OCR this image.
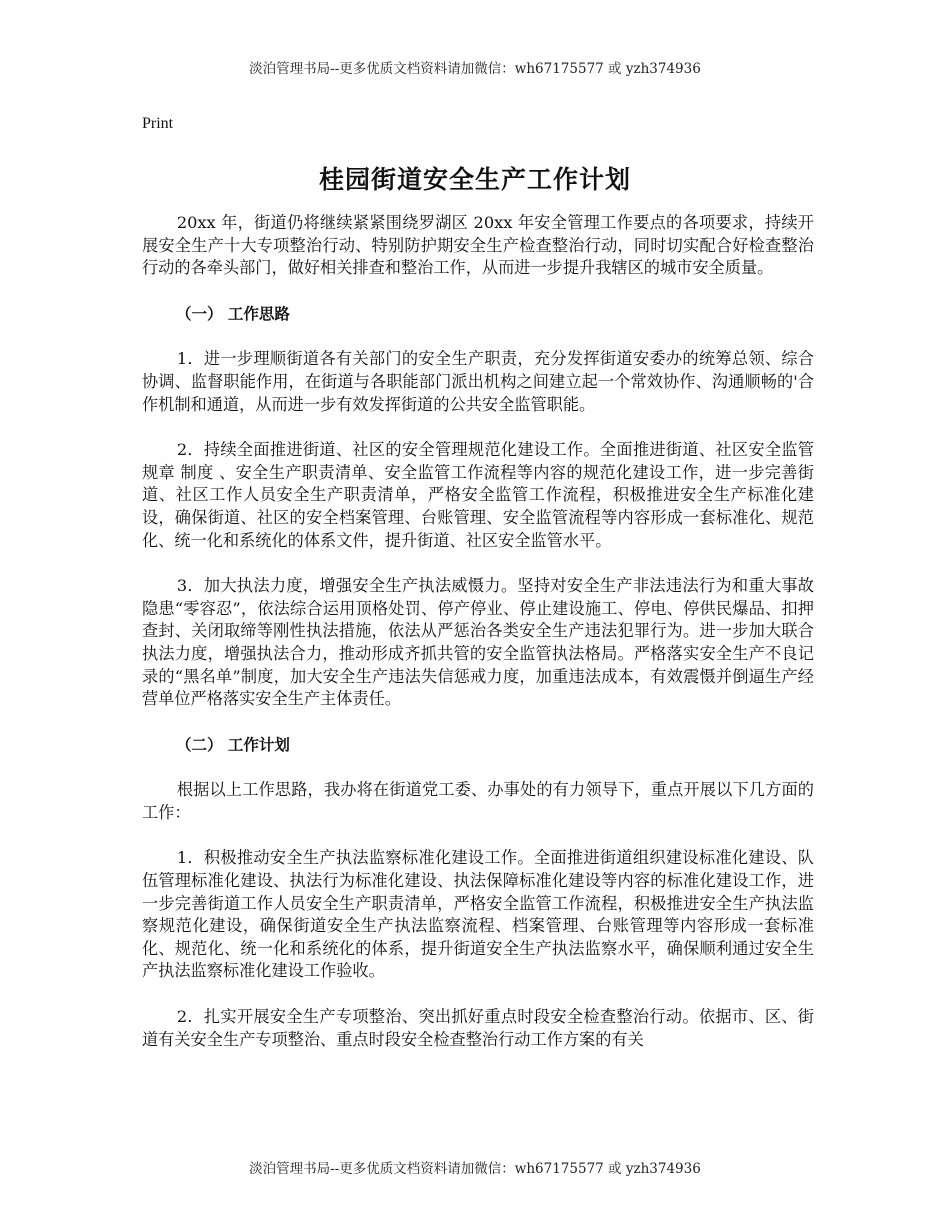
淡泊管理书局--更多优质文档资料请加微信：wh67175577 或 yzh374936
Print
桂园街道安全生产工作计划

20xx 年，街道仍将继续紧紧围绕罗湖区 20xx 年安全管理工作要点的各项要求，持续开展安全生产十大专项整治行动、特别防护期安全生产检查整治行动，同时切实配合好检查整治行动的各牵头部门，做好相关排查和整治工作，从而进一步提升我辖区的城市安全质量。

（一） 工作思路

1．进一步理顺街道各有关部门的安全生产职责，充分发挥街道安委办的统筹总领、综合协调、监督职能作用，在街道与各职能部门派出机构之间建立起一个常效协作、沟通顺畅的'合作机制和通道，从而进一步有效发挥街道的公共安全监管职能。

2．持续全面推进街道、社区的安全管理规范化建设工作。全面推进街道、社区安全监管 规章 制度 、安全生产职责清单、安全监管工作流程等内容的规范化建设工作，进一步完善街道、社区工作人员安全生产职责清单，严格安全监管工作流程，积极推进安全生产标准化建设，确保街道、社区的安全档案管理、台账管理、安全监管流程等内容形成一套标准化、规范化、统一化和系统化的体系文件，提升街道、社区安全监管水平。

3．加大执法力度，增强安全生产执法威慑力。坚持对安全生产非法违法行为和重大事故隐患“零容忍”，依法综合运用顶格处罚、停产停业、停止建设施工、停电、停供民爆品、扣押查封、关闭取缔等刚性执法措施，依法从严惩治各类安全生产违法犯罪行为。进一步加大联合执法力度，增强执法合力，推动形成齐抓共管的安全监管执法格局。严格落实安全生产不良记录的“黑名单”制度，加大安全生产违法失信惩戒力度，加重违法成本，有效震慑并倒逼生产经营单位严格落实安全生产主体责任。

（二） 工作计划

根据以上工作思路，我办将在街道党工委、办事处的有力领导下，重点开展以下几方面的工作：

1．积极推动安全生产执法监察标准化建设工作。全面推进街道组织建设标准化建设、队伍管理标准化建设、执法行为标准化建设、执法保障标准化建设等内容的标准化建设工作，进一步完善街道工作人员安全生产职责清单，严格安全监管工作流程，积极推进安全生产执法监察规范化建设，确保街道安全生产执法监察流程、档案管理、台账管理等内容形成一套标准化、规范化、统一化和系统化的体系，提升街道安全生产执法监察水平，确保顺利通过安全生产执法监察标准化建设工作验收。

2．扎实开展安全生产专项整治、突出抓好重点时段安全检查整治行动。依据市、区、街道有关安全生产专项整治、重点时段安全检查整治行动工作方案的有关

淡泊管理书局--更多优质文档资料请加微信：wh67175577 或 yzh374936
